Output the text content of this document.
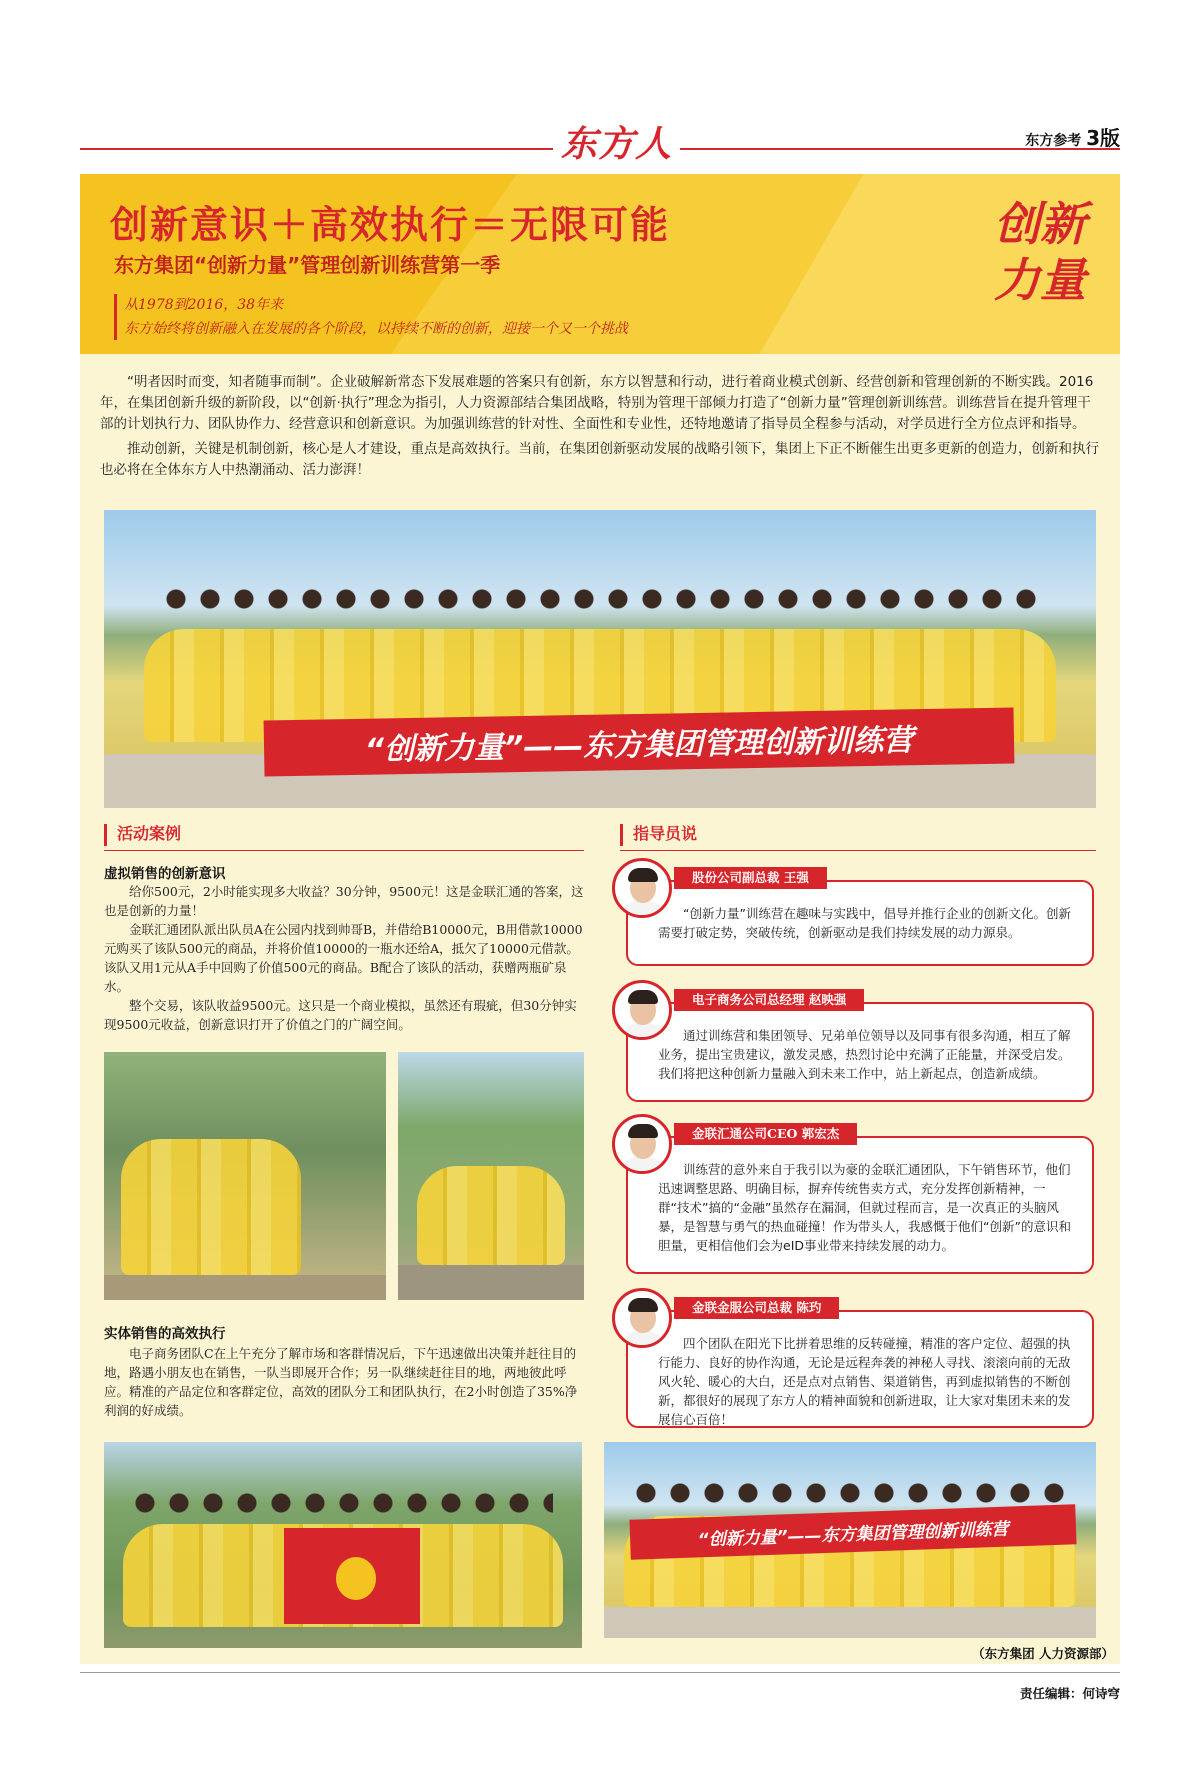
东方人	东方参考 3版
创新意识＋高效执行＝无限可能
东方集团“创新力量”管理创新训练营第一季
从1978到2016，38年来
东方始终将创新融入在发展的各个阶段，以持续不断的创新，迎接一个又一个挑战
创新
力量

“明者因时而变，知者随事而制”。企业破解新常态下发展难题的答案只有创新，东方以智慧和行动，进行着商业模式创新、经营创新和管理创新的不断实践。2016年，在集团创新升级的新阶段，以“创新·执行”理念为指引，人力资源部结合集团战略，特别为管理干部倾力打造了“创新力量”管理创新训练营。训练营旨在提升管理干部的计划执行力、团队协作力、经营意识和创新意识。为加强训练营的针对性、全面性和专业性，还特地邀请了指导员全程参与活动，对学员进行全方位点评和指导。

推动创新，关键是机制创新，核心是人才建设，重点是高效执行。当前，在集团创新驱动发展的战略引领下，集团上下正不断催生出更多更新的创造力，创新和执行也必将在全体东方人中热潮涌动、活力澎湃！

“创新力量”——东方集团管理创新训练营
活动案例
虚拟销售的创新意识

给你500元，2小时能实现多大收益？30分钟，9500元！这是金联汇通的答案，这也是创新的力量！

金联汇通团队派出队员A在公园内找到帅哥B，并借给B10000元，B用借款10000元购买了该队500元的商品，并将价值10000的一瓶水还给A，抵欠了10000元借款。该队又用1元从A手中回购了价值500元的商品。B配合了该队的活动，获赠两瓶矿泉水。

整个交易，该队收益9500元。这只是一个商业模拟，虽然还有瑕疵，但30分钟实现9500元收益，创新意识打开了价值之门的广阔空间。

实体销售的高效执行

电子商务团队C在上午充分了解市场和客群情况后，下午迅速做出决策并赶往目的地，路遇小朋友也在销售，一队当即展开合作；另一队继续赶往目的地，两地彼此呼应。精准的产品定位和客群定位，高效的团队分工和团队执行，在2小时创造了35%净利润的好成绩。

指导员说
股份公司副总裁 王强
“创新力量”训练营在趣味与实践中，倡导并推行企业的创新文化。创新需要打破定势，突破传统，创新驱动是我们持续发展的动力源泉。
电子商务公司总经理 赵映强
通过训练营和集团领导、兄弟单位领导以及同事有很多沟通，相互了解业务，提出宝贵建议，激发灵感，热烈讨论中充满了正能量，并深受启发。我们将把这种创新力量融入到未来工作中，站上新起点，创造新成绩。
金联汇通公司CEO 郭宏杰
训练营的意外来自于我引以为豪的金联汇通团队，下午销售环节，他们迅速调整思路、明确目标，摒弃传统售卖方式，充分发挥创新精神，一群“技术”搞的“金融”虽然存在漏洞，但就过程而言，是一次真正的头脑风暴，是智慧与勇气的热血碰撞！作为带头人，我感慨于他们“创新”的意识和胆量，更相信他们会为eID事业带来持续发展的动力。
金联金服公司总裁 陈玓
四个团队在阳光下比拼着思维的反转碰撞，精准的客户定位、超强的执行能力、良好的协作沟通，无论是远程奔袭的神秘人寻找、滚滚向前的无敌风火轮、暖心的大白，还是点对点销售、渠道销售，再到虚拟销售的不断创新，都很好的展现了东方人的精神面貌和创新进取，让大家对集团未来的发展信心百倍！
“创新力量”——东方集团管理创新训练营
（东方集团 人力资源部）
责任编辑：何诗穹
